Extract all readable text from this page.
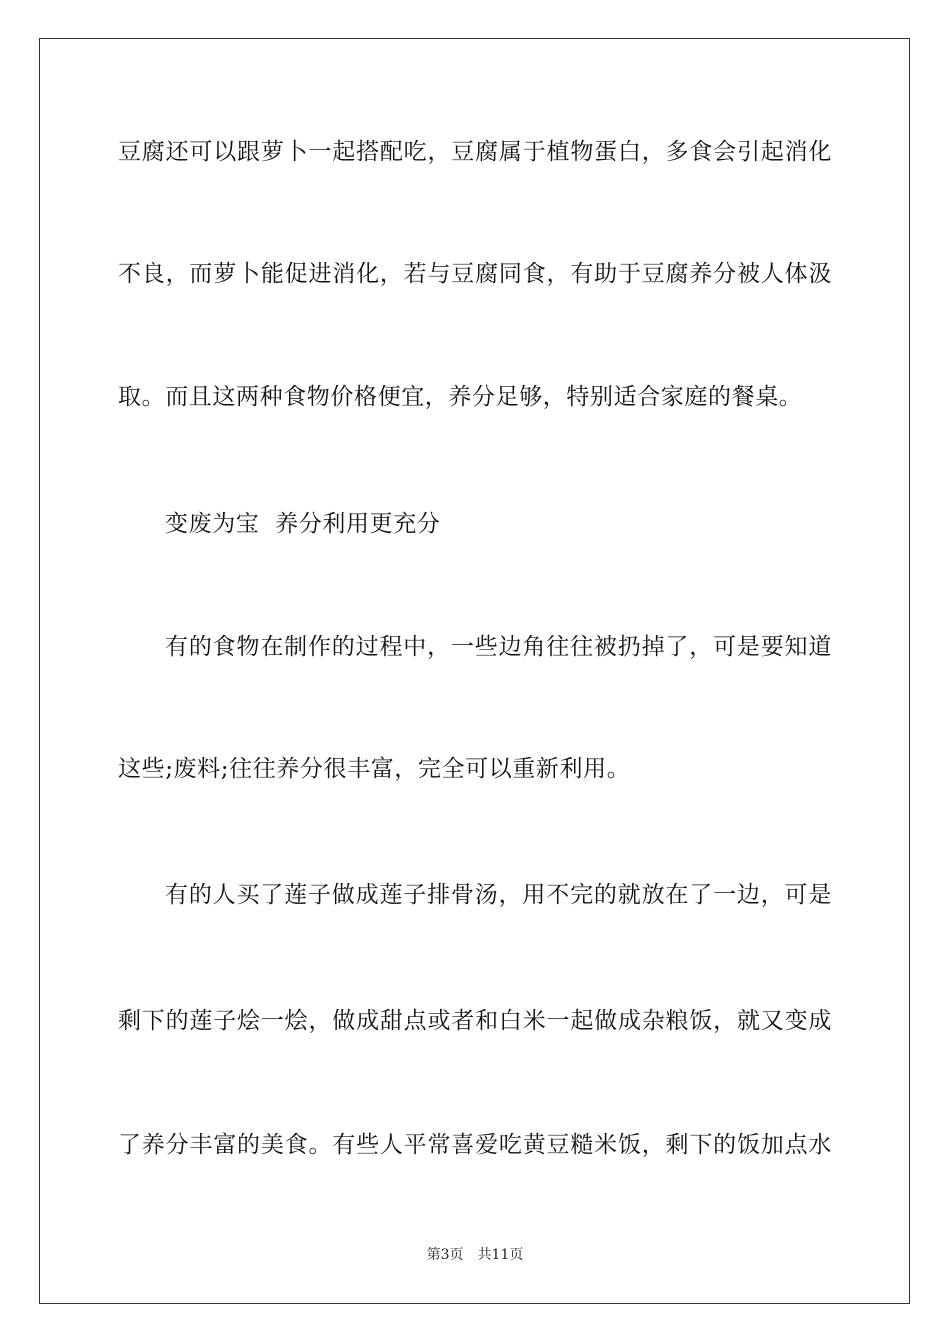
豆腐还可以跟萝卜一起搭配吃，豆腐属于植物蛋白，多食会引起消化
不良，而萝卜能促进消化，若与豆腐同食，有助于豆腐养分被人体汲
取。而且这两种食物价格便宜，养分足够，特别适合家庭的餐桌。
变废为宝  养分利用更充分
有的食物在制作的过程中，一些边角往往被扔掉了，可是要知道
这些;废料;往往养分很丰富，完全可以重新利用。
有的人买了莲子做成莲子排骨汤，用不完的就放在了一边，可是
剩下的莲子烩一烩，做成甜点或者和白米一起做成杂粮饭，就又变成
了养分丰富的美食。有些人平常喜爱吃黄豆糙米饭，剩下的饭加点水
第3页 共11页
